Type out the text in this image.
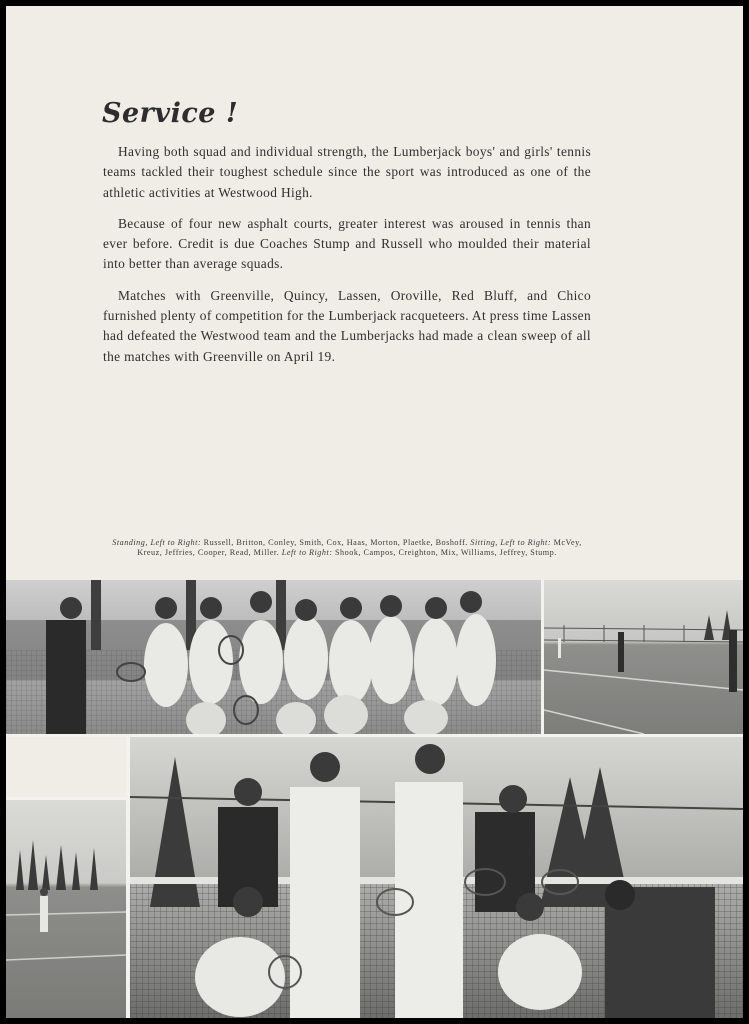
Service !

Having both squad and individual strength, the Lumberjack boys' and girls' tennis teams tackled their toughest schedule since the sport was introduced as one of the athletic activities at Westwood High.

Because of four new asphalt courts, greater interest was aroused in tennis than ever before. Credit is due Coaches Stump and Russell who moulded their material into better than average squads.

Matches with Greenville, Quincy, Lassen, Oroville, Red Bluff, and Chico furnished plenty of competition for the Lumberjack racqueteers. At press time Lassen had defeated the Westwood team and the Lumberjacks had made a clean sweep of all the matches with Greenville on April 19.

Standing, Left to Right: Russell, Britton, Conley, Smith, Cox, Haas, Morton, Plaetke, Boshoff. Sitting, Left to Right: McVey, Kreuz, Jeffries, Cooper, Read, Miller. Left to Right: Shook, Campos, Creighton, Mix, Williams, Jeffrey, Stump.
